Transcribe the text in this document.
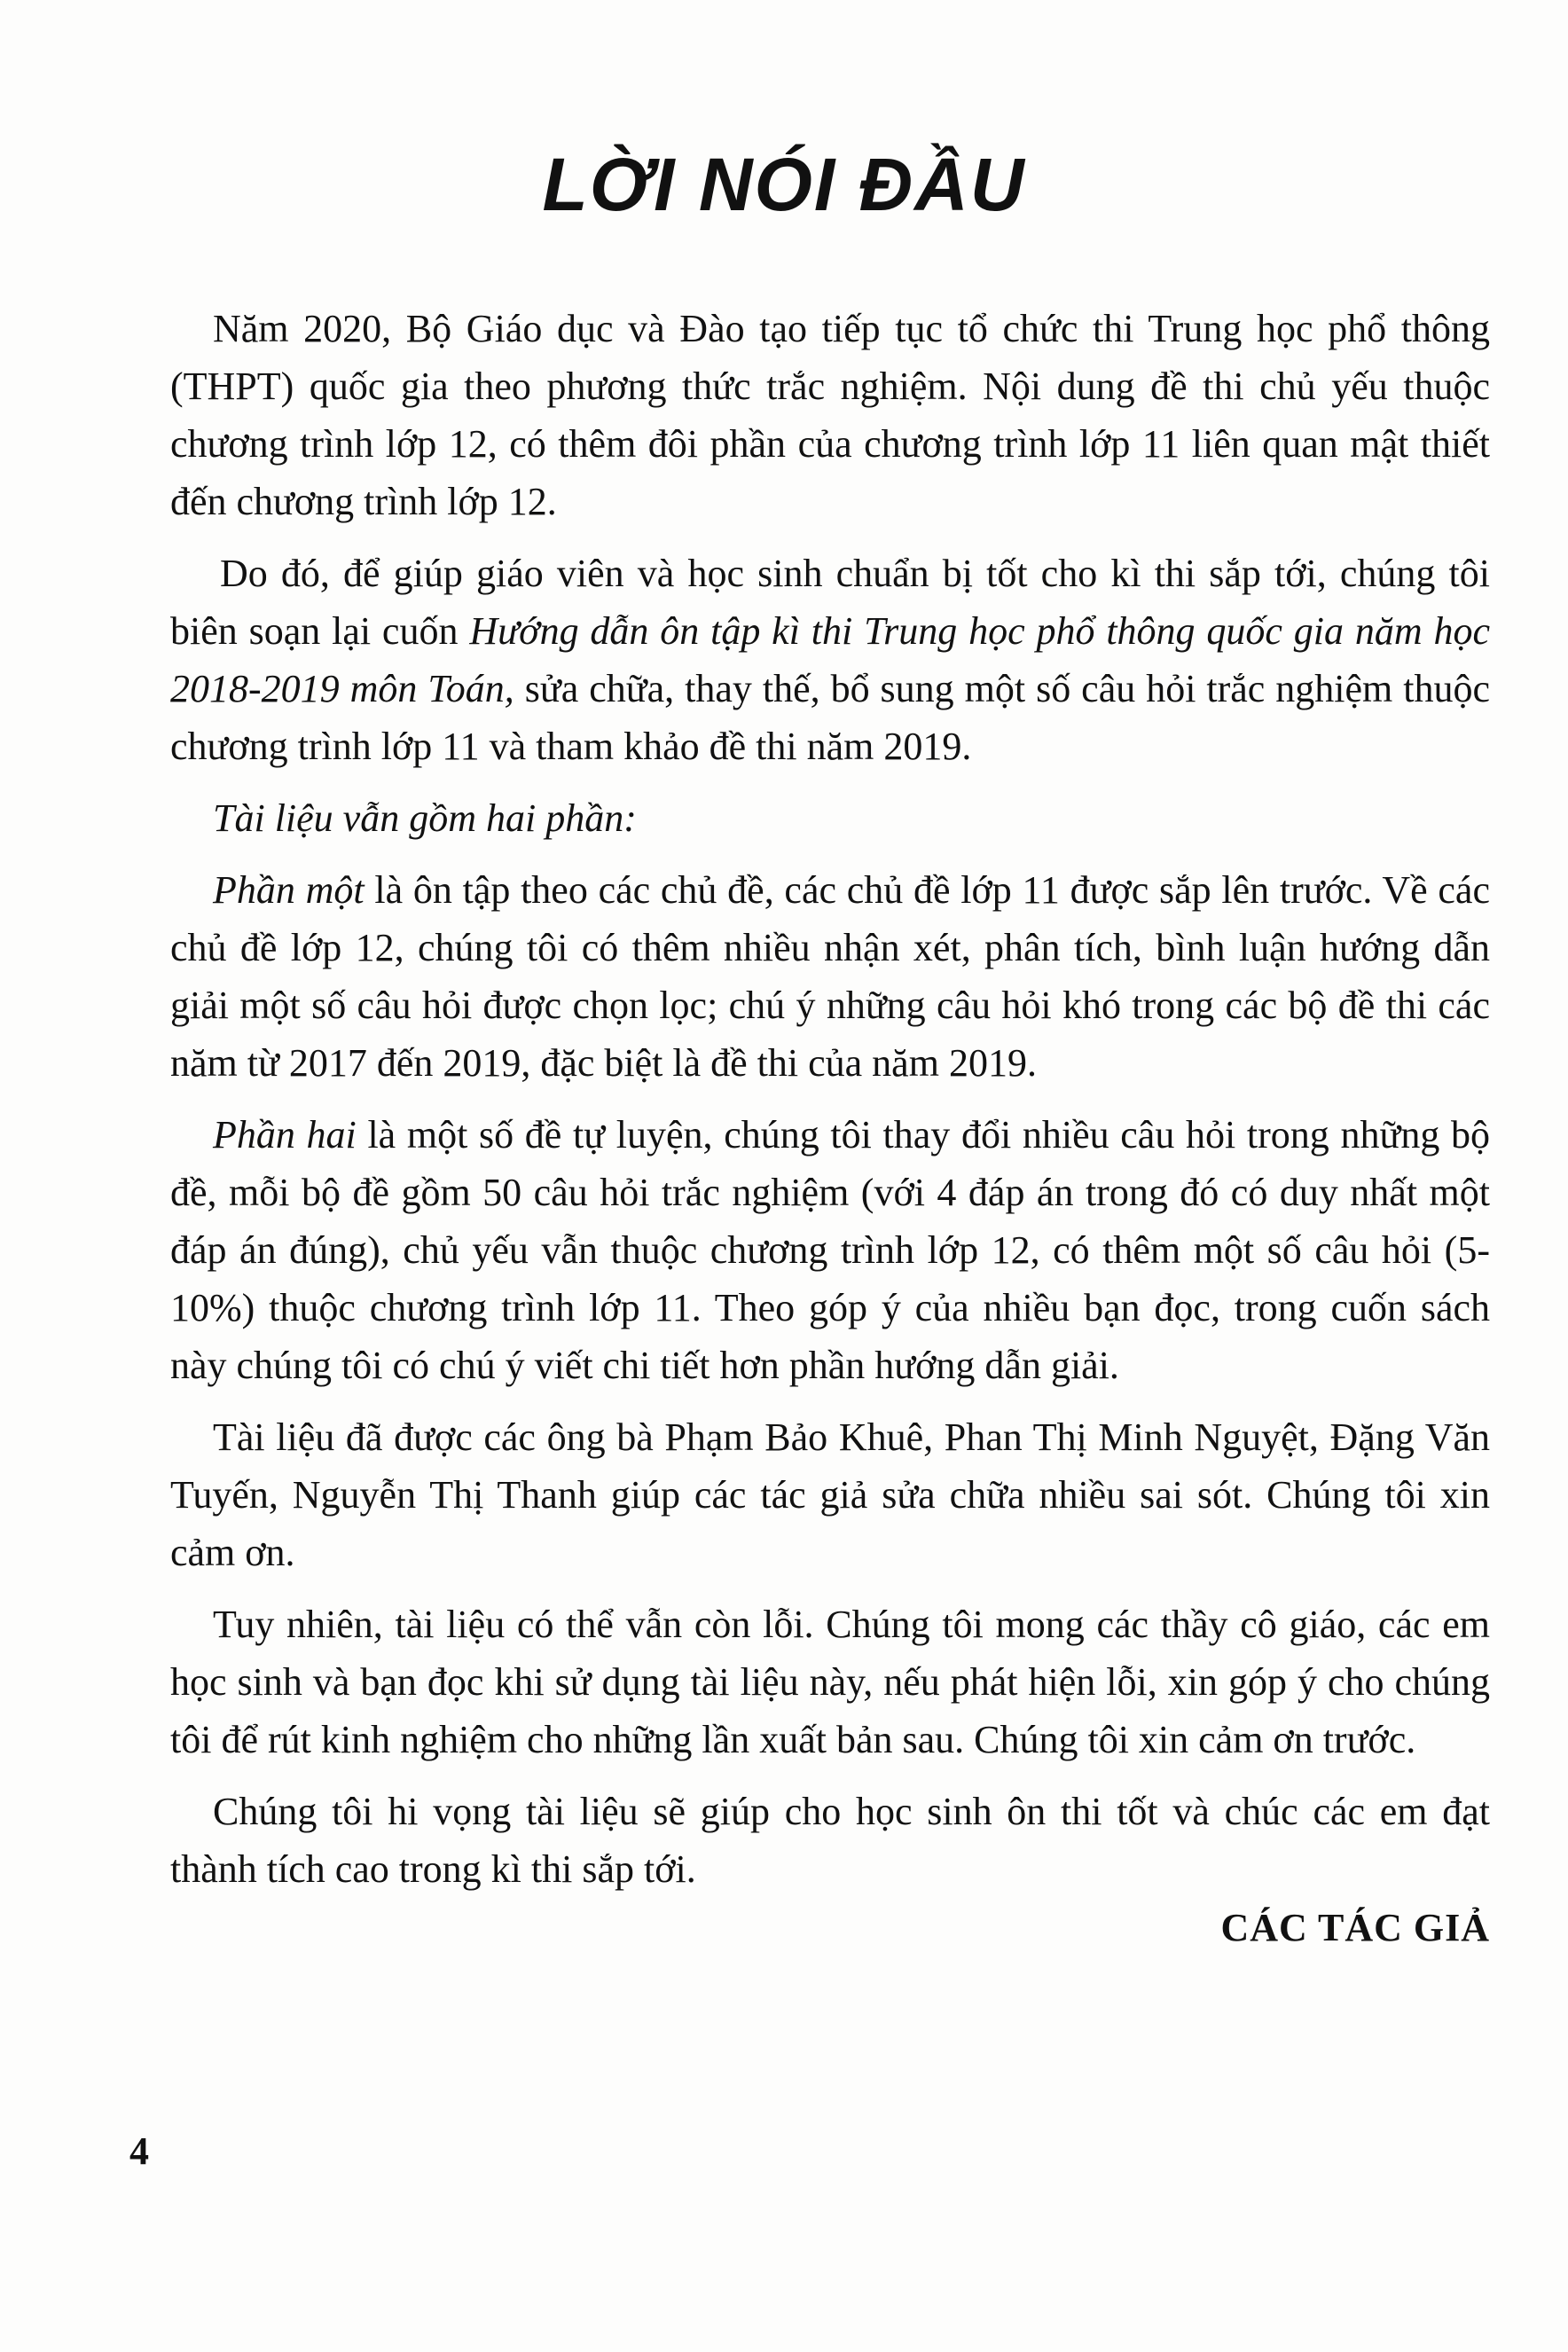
LỜI NÓI ĐẦU

Năm 2020, Bộ Giáo dục và Đào tạo tiếp tục tổ chức thi Trung học phổ thông (THPT) quốc gia theo phương thức trắc nghiệm. Nội dung đề thi chủ yếu thuộc chương trình lớp 12, có thêm đôi phần của chương trình lớp 11 liên quan mật thiết đến chương trình lớp 12.

Do đó, để giúp giáo viên và học sinh chuẩn bị tốt cho kì thi sắp tới, chúng tôi biên soạn lại cuốn Hướng dẫn ôn tập kì thi Trung học phổ thông quốc gia năm học 2018-2019 môn Toán, sửa chữa, thay thế, bổ sung một số câu hỏi trắc nghiệm thuộc chương trình lớp 11 và tham khảo đề thi năm 2019.

Tài liệu vẫn gồm hai phần:

Phần một là ôn tập theo các chủ đề, các chủ đề lớp 11 được sắp lên trước. Về các chủ đề lớp 12, chúng tôi có thêm nhiều nhận xét, phân tích, bình luận hướng dẫn giải một số câu hỏi được chọn lọc; chú ý những câu hỏi khó trong các bộ đề thi các năm từ 2017 đến 2019, đặc biệt là đề thi của năm 2019.

Phần hai là một số đề tự luyện, chúng tôi thay đổi nhiều câu hỏi trong những bộ đề, mỗi bộ đề gồm 50 câu hỏi trắc nghiệm (với 4 đáp án trong đó có duy nhất một đáp án đúng), chủ yếu vẫn thuộc chương trình lớp 12, có thêm một số câu hỏi (5-10%) thuộc chương trình lớp 11. Theo góp ý của nhiều bạn đọc, trong cuốn sách này chúng tôi có chú ý viết chi tiết hơn phần hướng dẫn giải.

Tài liệu đã được các ông bà Phạm Bảo Khuê, Phan Thị Minh Nguyệt, Đặng Văn Tuyến, Nguyễn Thị Thanh giúp các tác giả sửa chữa nhiều sai sót. Chúng tôi xin cảm ơn.

Tuy nhiên, tài liệu có thể vẫn còn lỗi. Chúng tôi mong các thầy cô giáo, các em học sinh và bạn đọc khi sử dụng tài liệu này, nếu phát hiện lỗi, xin góp ý cho chúng tôi để rút kinh nghiệm cho những lần xuất bản sau. Chúng tôi xin cảm ơn trước.

Chúng tôi hi vọng tài liệu sẽ giúp cho học sinh ôn thi tốt và chúc các em đạt thành tích cao trong kì thi sắp tới.

CÁC TÁC GIẢ
4
